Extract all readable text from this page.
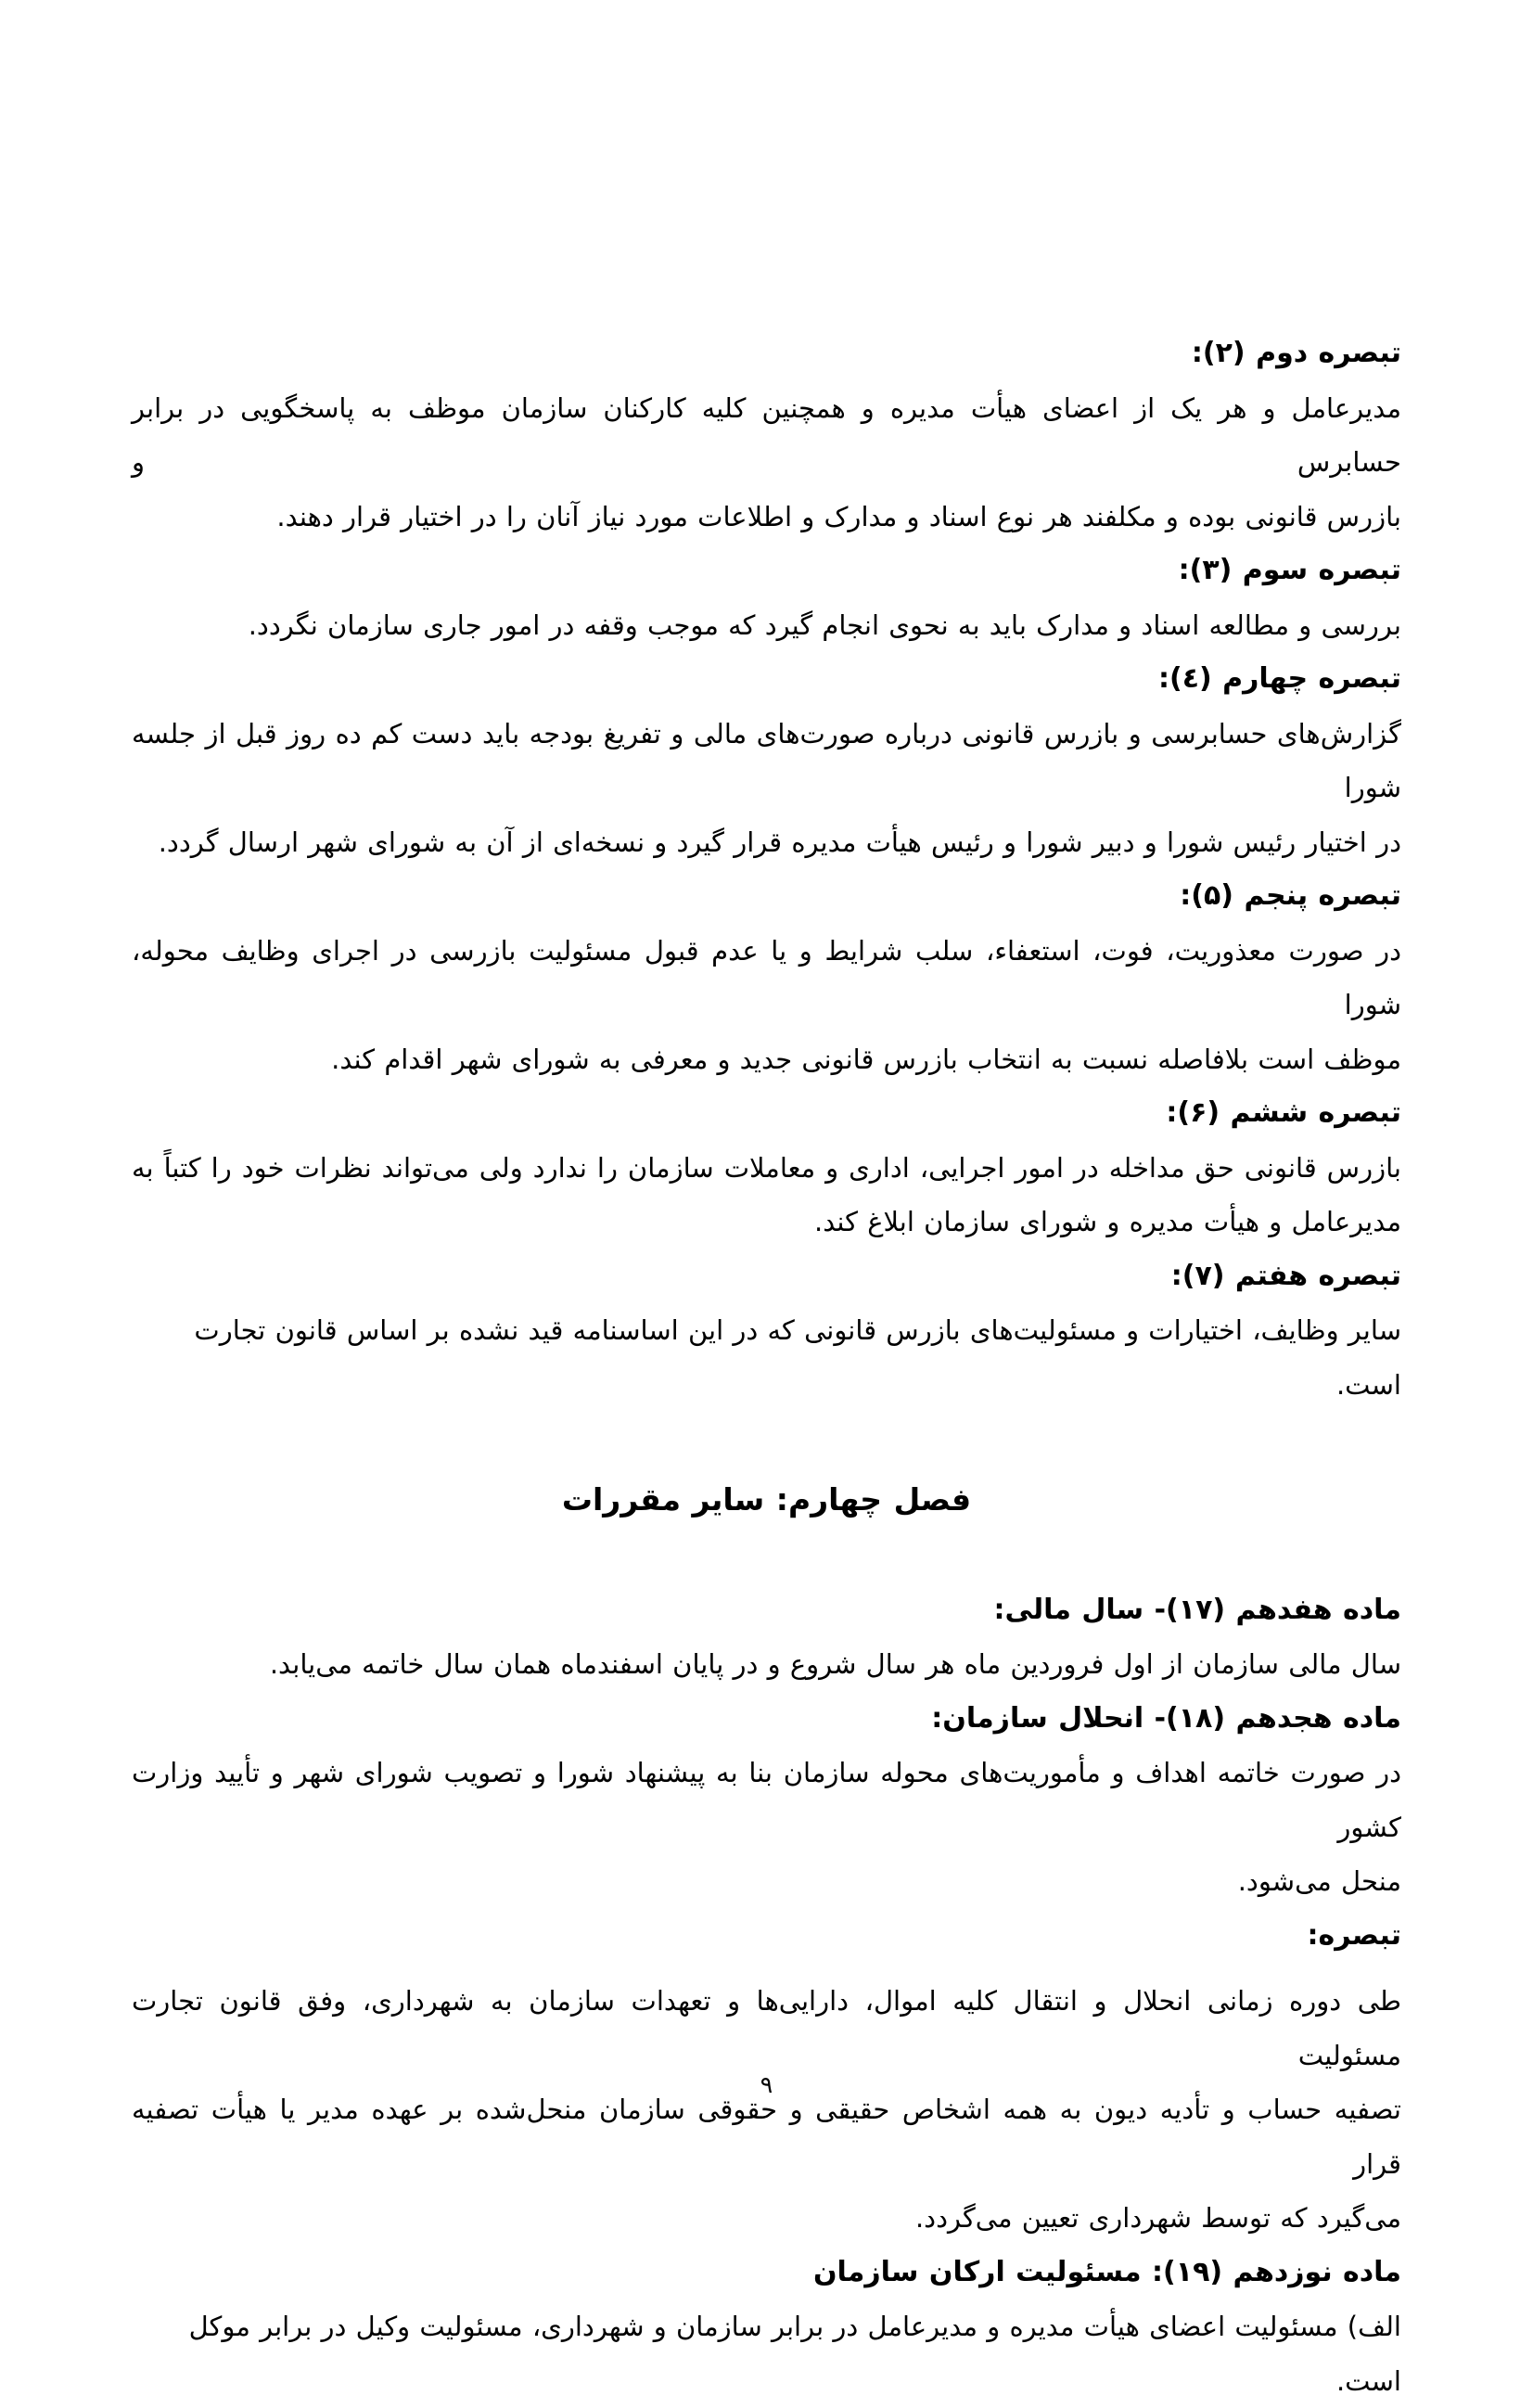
تبصره دوم (۲):
مدیرعامل و هر یک از اعضای هیأت مدیره و همچنین کلیه کارکنان سازمان موظف به پاسخگویی در برابر حسابرس و
بازرس قانونی بوده و مکلفند هر نوع اسناد و مدارک و اطلاعات مورد نیاز آنان را در اختیار قرار دهند.
تبصره سوم (۳):
بررسی و مطالعه اسناد و مدارک باید به نحوی انجام گیرد که موجب وقفه در امور جاری سازمان نگردد.
تبصره چهارم (٤):
گزارش‌های حسابرسی و بازرس قانونی درباره صورت‌های مالی و تفریغ بودجه باید دست کم ده روز قبل از جلسه شورا
در اختیار رئیس شورا و دبیر شورا و رئیس هیأت مدیره قرار گیرد و نسخه‌ای از آن به شورای شهر ارسال گردد.
تبصره پنجم (۵):
در صورت معذوریت، فوت، استعفاء، سلب شرایط و یا عدم قبول مسئولیت بازرسی در اجرای وظایف محوله، شورا
موظف است بلافاصله نسبت به انتخاب بازرس قانونی جدید و معرفی به شورای شهر اقدام کند.
تبصره ششم (۶):
بازرس قانونی حق مداخله در امور اجرایی، اداری و معاملات سازمان را ندارد ولی می‌تواند نظرات خود را کتباً به
مدیرعامل و هیأت مدیره و شورای سازمان ابلاغ کند.
تبصره هفتم (۷):
سایر وظایف، اختیارات و مسئولیت‌های بازرس قانونی که در این اساسنامه قید نشده بر اساس قانون تجارت است.
فصل چهارم: سایر مقررات
ماده هفدهم (۱۷)- سال مالی:
سال مالی سازمان از اول فروردین ماه هر سال شروع و در پایان اسفندماه همان سال خاتمه می‌یابد.
ماده هجدهم (۱۸)- انحلال سازمان:
در صورت خاتمه اهداف و مأموریت‌های محوله سازمان بنا به پیشنهاد شورا و تصویب شورای شهر و تأیید وزارت کشور
منحل می‌شود.
تبصره:
طی دوره زمانی انحلال و انتقال کلیه اموال، دارایی‌ها و تعهدات سازمان به شهرداری، وفق قانون تجارت مسئولیت
تصفیه حساب و تأدیه دیون به همه اشخاص حقیقی و حقوقی سازمان منحل‌شده بر عهده مدیر یا هیأت تصفیه قرار
می‌گیرد که توسط شهرداری تعیین می‌گردد.
ماده نوزدهم (۱۹): مسئولیت ارکان سازمان
الف) مسئولیت اعضای هیأت مدیره و مدیرعامل در برابر سازمان و شهرداری، مسئولیت وکیل در برابر موکل است.
۹
